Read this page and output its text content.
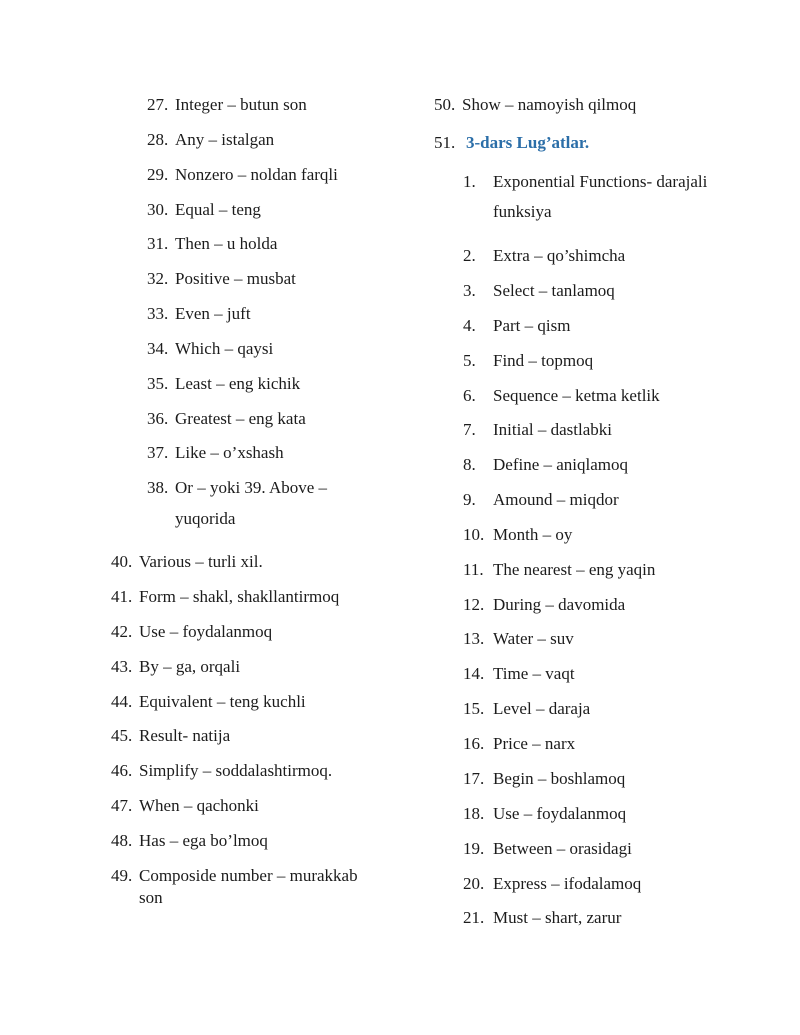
27. Integer – butun son
28. Any – istalgan
29. Nonzero – noldan farqli
30. Equal – teng
31. Then – u holda
32. Positive – musbat
33. Even – juft
34. Which – qaysi
35. Least – eng kichik
36. Greatest – eng kata
37. Like – o’xshash
38. Or – yoki 39. Above –
yuqorida
40. Various – turli xil.
41. Form – shakl, shakllantirmoq
42. Use – foydalanmoq
43. By – ga, orqali
44. Equivalent – teng kuchli
45. Result- natija
46. Simplify – soddalashtirmoq.
47. When – qachonki
48. Has – ega bo’lmoq
49. Composide number – murakkab
son
50. Show – namoyish qilmoq
51. 3-dars Lug’atlar.
1. Exponential Functions- darajali
funksiya
2. Extra – qo’shimcha
3. Select – tanlamoq
4. Part – qism
5. Find – topmoq
6. Sequence – ketma ketlik
7. Initial – dastlabki
8. Define – aniqlamoq
9. Amound – miqdor
10. Month – oy
11. The nearest – eng yaqin
12. During – davomida
13. Water – suv
14. Time – vaqt
15. Level – daraja
16. Price – narx
17. Begin – boshlamoq
18. Use – foydalanmoq
19. Between – orasidagi
20. Express – ifodalamoq
21. Must – shart, zarur
